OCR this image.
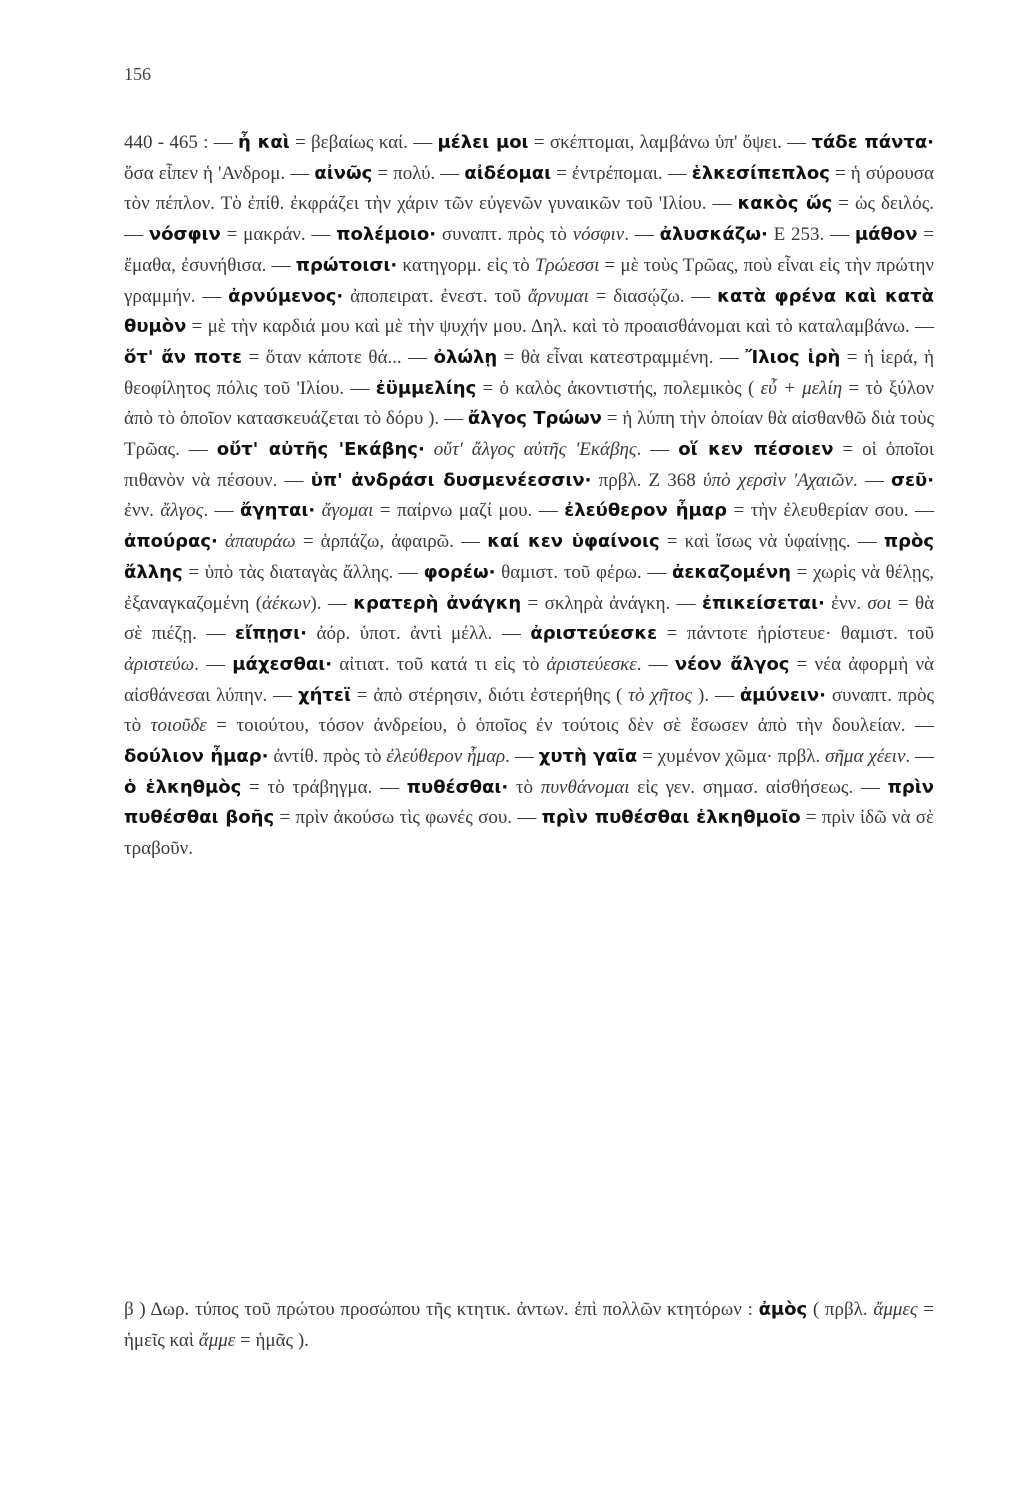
156
440 - 465 : — ἦ καὶ = βεβαίως καί. — μέλει μοι = σκέπτομαι, λαμβάνω ὑπ' ὄψει. — τάδε πάντα· ὅσα εἶπεν ἡ 'Ανδρομ. — αἰνῶς = πολύ. — αἰδέομαι = ἐντρέπομαι. — ἑλκεσίπεπλος = ἡ σύρουσα τὸν πέπλον. Τὸ ἐπίθ. ἐκφράζει τὴν χάριν τῶν εὐγενῶν γυναικῶν τοῦ 'Ιλίου. — κακὸς ὥς = ὡς δειλός. — νόσφιν = μακράν. — πολέμοιο· συναπτ. πρὸς τὸ νόσφιν. — ἀλυσκάζω· Ε 253. — μάθον = ἔμαθα, ἐσυνήθισα. — πρώτοισι· κατηγορμ. εἰς τὸ Τρώεσσι = μὲ τοὺς Τρῶας, ποὺ εἶναι εἰς τὴν πρώτην γραμμήν. — ἀρνύμενος· ἀποπειρατ. ἐνεστ. τοῦ ἄρνυμαι = διασῴζω. — κατὰ φρένα καὶ κατὰ θυμὸν = μὲ τὴν καρδιά μου καὶ μὲ τὴν ψυχήν μου. Δηλ. καὶ τὸ προαισθάνομαι καὶ τὸ καταλαμβάνω. — ὅτ' ἄν ποτε = ὅταν κάποτε θά... — ὀλώλῃ = θὰ εἶναι κατεστραμμένη. — Ἴλιος ἱρὴ = ἡ ἱερά, ἡ θεοφίλητος πόλις τοῦ 'Ιλίου. — ἐϋμμελίης = ὁ καλὸς ἀκοντιστής, πολεμικὸς ( εὖ + μελίη = τὸ ξύλον ἀπὸ τὸ ὁποῖον κατασκευάζεται τὸ δόρυ ). — ἄλγος Τρώων = ἡ λύπη τὴν ὁποίαν θὰ αἰσθανθῶ διὰ τοὺς Τρῶας. — οὔτ' αὐτῆς 'Εκάβης· οὔτ' ἄλγος αὐτῆς 'Εκάβης. — οἵ κεν πέσοιεν = οἱ ὁποῖοι πιθανὸν νὰ πέσουν. — ὑπ' ἀνδράσι δυσμενέεσσιν· πρβλ. Ζ 368 ὑπὸ χερσὶν 'Αχαιῶν. — σεῦ· ἐνν. ἄλγος. — ἄγηται· ἄγομαι = παίρνω μαζί μου. — ἐλεύθερον ἦμαρ = τὴν ἐλευθερίαν σου. — ἀπούρας· ἀπαυράω = ἁρπάζω, ἀφαιρῶ. — καί κεν ὑφαίνοις = καὶ ἴσως νὰ ὑφαίνῃς. — πρὸς ἄλλης = ὑπὸ τὰς διαταγὰς ἄλλης. — φορέω· θαμιστ. τοῦ φέρω. — ἀεκαζομένη = χωρὶς νὰ θέλῃς, ἐξαναγκαζομένη (ἀέκων). — κρατερὴ ἀνάγκη = σκληρὰ ἀνάγκη. — ἐπικείσεται· ἐνν. σοι = θὰ σὲ πιέζῃ. — εἴπῃσι· ἀόρ. ὑποτ. ἀντὶ μέλλ. — ἀριστεύεσκε = πάντοτε ἠρίστευε· θαμιστ. τοῦ ἀριστεύω. — μάχεσθαι· αἰτιατ. τοῦ κατά τι εἰς τὸ ἀριστεύεσκε. — νέον ἄλγος = νέα ἀφορμὴ νὰ αἰσθάνεσαι λύπην. — χήτεϊ = ἀπὸ στέρησιν, διότι ἐστερήθης ( τὸ χῆτος ). — ἀμύνειν· συναπτ. πρὸς τὸ τοιοῦδε = τοιούτου, τόσον ἀνδρείου, ὁ ὁποῖος ἐν τούτοις δὲν σὲ ἔσωσεν ἀπὸ τὴν δουλείαν. — δούλιον ἦμαρ· ἀντίθ. πρὸς τὸ ἐλεύθερον ἦμαρ. — χυτὴ γαῖα = χυμένον χῶμα· πρβλ. σῆμα χέειν. — ὁ ἑλκηθμὸς = τὸ τράβηγμα. — πυθέσθαι· τὸ πυνθάνομαι εἰς γεν. σημασ. αἰσθήσεως. — πρὶν πυθέσθαι βοῆς = πρὶν ἀκούσω τὶς φωνές σου. — πρὶν πυθέσθαι ἑλκηθμοῖο = πρὶν ἰδῶ νὰ σὲ τραβοῦν.
β ) Δωρ. τύπος τοῦ πρώτου προσώπου τῆς κτητικ. ἀντων. ἐπὶ πολλῶν κτητόρων : ἀμὸς ( πρβλ. ἄμμες = ἡμεῖς καὶ ἄμμε = ἡμᾶς ).
